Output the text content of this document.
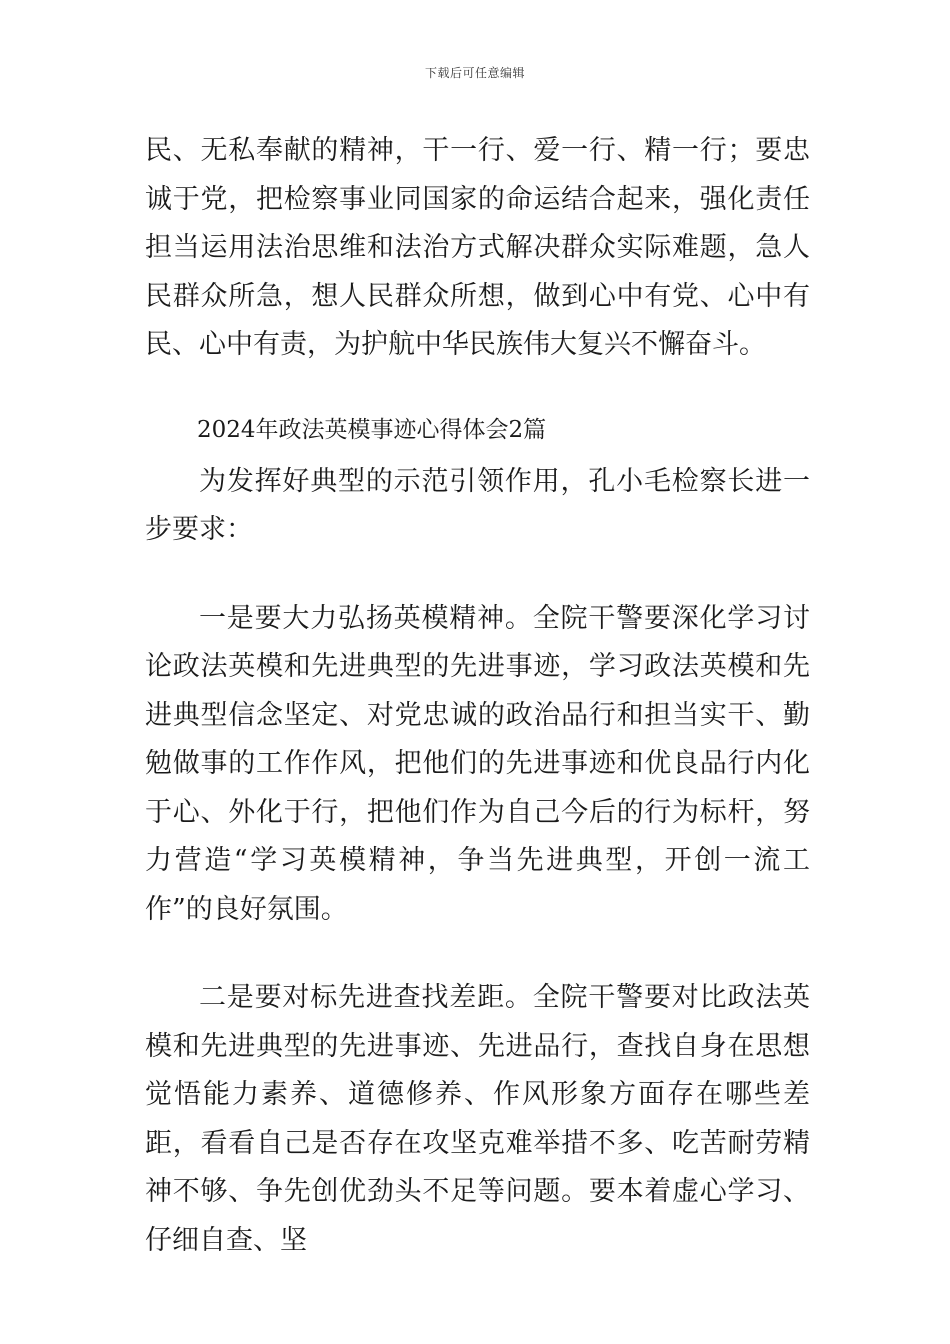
下载后可任意编辑

民、无私奉献的精神，干一行、爱一行、精一行；要忠诚于党，把检察事业同国家的命运结合起来，强化责任担当运用法治思维和法治方式解决群众实际难题，急人民群众所急，想人民群众所想，做到心中有党、心中有民、心中有责，为护航中华民族伟大复兴不懈奋斗。

2024年政法英模事迹心得体会2篇

为发挥好典型的示范引领作用，孔小毛检察长进一步要求：

一是要大力弘扬英模精神。全院干警要深化学习讨论政法英模和先进典型的先进事迹，学习政法英模和先进典型信念坚定、对党忠诚的政治品行和担当实干、勤勉做事的工作作风，把他们的先进事迹和优良品行内化于心、外化于行，把他们作为自己今后的行为标杆，努力营造“学习英模精神，争当先进典型，开创一流工作”的良好氛围。

二是要对标先进查找差距。全院干警要对比政法英模和先进典型的先进事迹、先进品行，查找自身在思想觉悟能力素养、道德修养、作风形象方面存在哪些差距，看看自己是否存在攻坚克难举措不多、吃苦耐劳精神不够、争先创优劲头不足等问题。要本着虚心学习、仔细自查、坚
